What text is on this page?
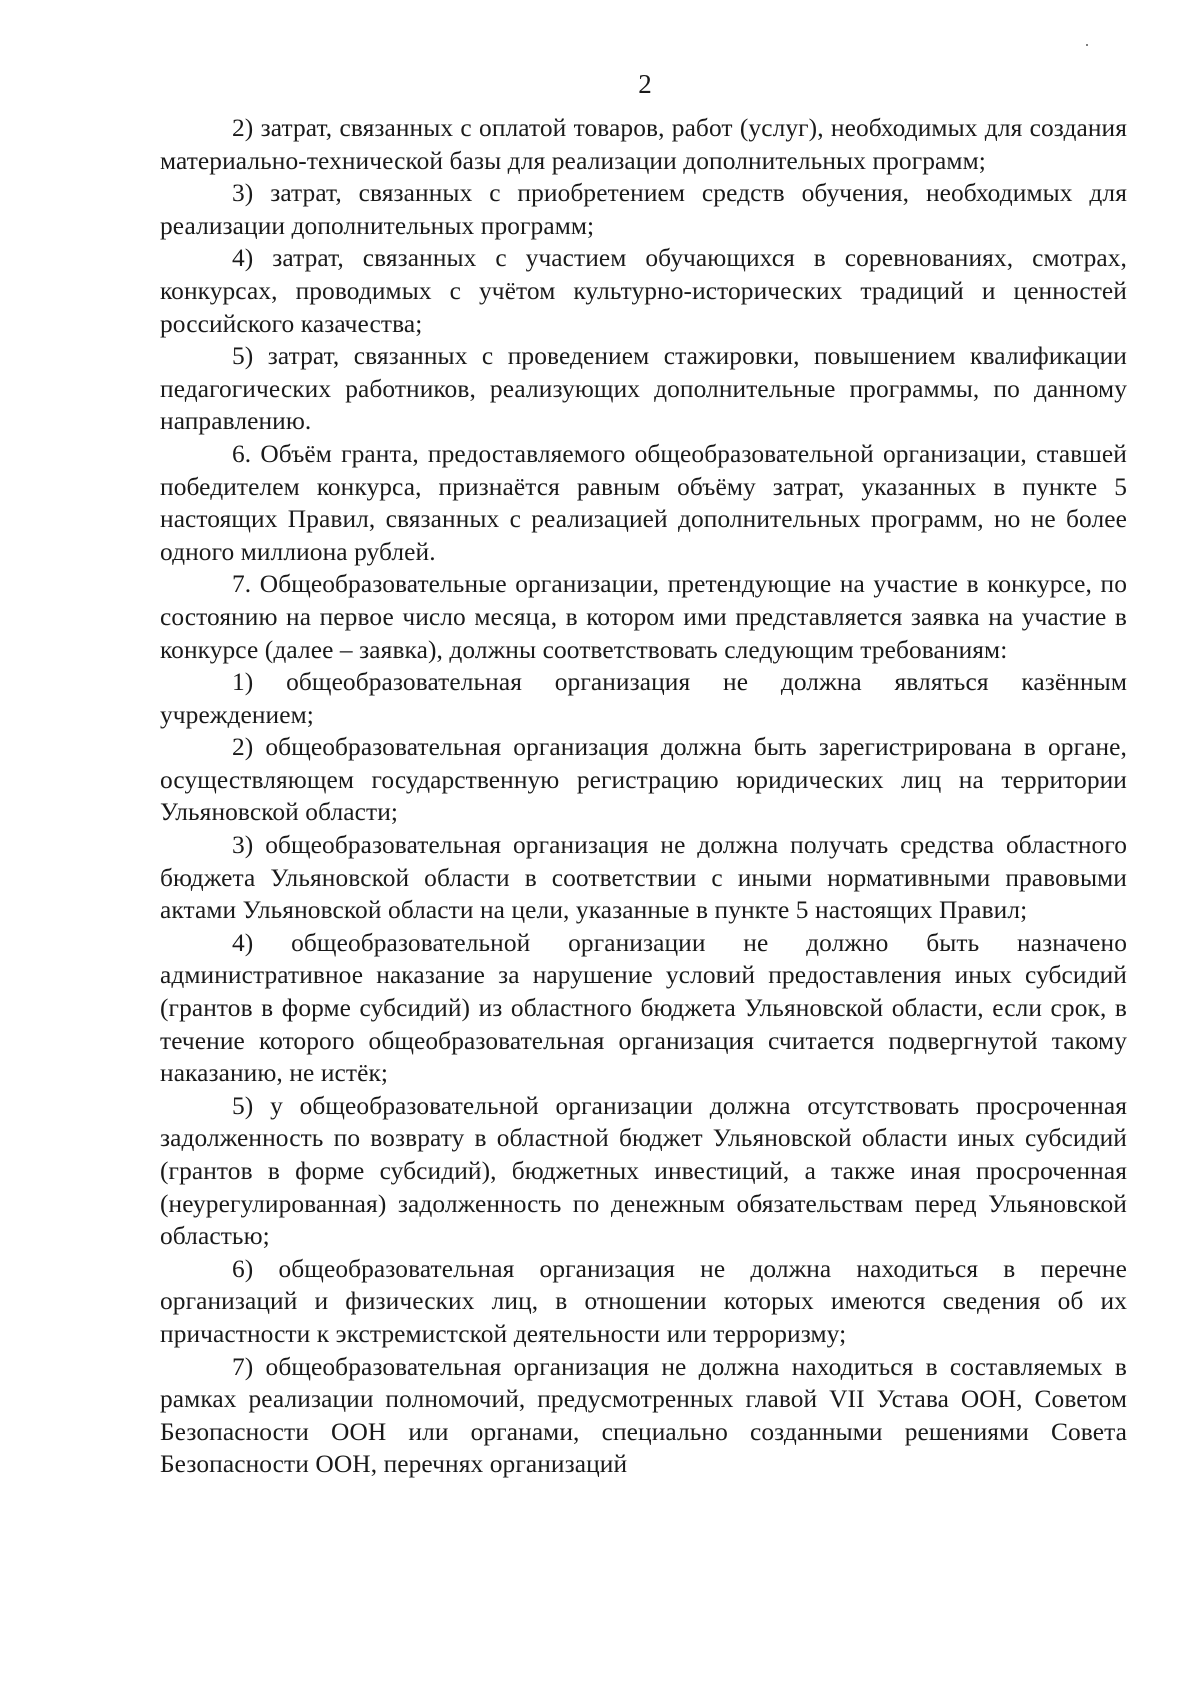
2

2) затрат, связанных с оплатой товаров, работ (услуг), необходимых для создания материально-технической базы для реализации дополнительных программ;

3) затрат, связанных с приобретением средств обучения, необходимых для реализации дополнительных программ;

4) затрат, связанных с участием обучающихся в соревнованиях, смотрах, конкурсах, проводимых с учётом культурно-исторических традиций и ценностей российского казачества;

5) затрат, связанных с проведением стажировки, повышением квалификации педагогических работников, реализующих дополнительные программы, по данному направлению.

6. Объём гранта, предоставляемого общеобразовательной организации, ставшей победителем конкурса, признаётся равным объёму затрат, указанных в пункте 5 настоящих Правил, связанных с реализацией дополнительных программ, но не более одного миллиона рублей.

7. Общеобразовательные организации, претендующие на участие в конкурсе, по состоянию на первое число месяца, в котором ими представляется заявка на участие в конкурсе (далее – заявка), должны соответствовать следующим требованиям:

1) общеобразовательная организация не должна являться казённым учреждением;

2) общеобразовательная организация должна быть зарегистрирована в органе, осуществляющем государственную регистрацию юридических лиц на территории Ульяновской области;

3) общеобразовательная организация не должна получать средства областного бюджета Ульяновской области в соответствии с иными нормативными правовыми актами Ульяновской области на цели, указанные в пункте 5 настоящих Правил;

4) общеобразовательной организации не должно быть назначено административное наказание за нарушение условий предоставления иных субсидий (грантов в форме субсидий) из областного бюджета Ульяновской области, если срок, в течение которого общеобразовательная организация считается подвергнутой такому наказанию, не истёк;

5) у общеобразовательной организации должна отсутствовать просроченная задолженность по возврату в областной бюджет Ульяновской области иных субсидий (грантов в форме субсидий), бюджетных инвестиций, а также иная просроченная (неурегулированная) задолженность по денежным обязательствам перед Ульяновской областью;

6) общеобразовательная организация не должна находиться в перечне организаций и физических лиц, в отношении которых имеются сведения об их причастности к экстремистской деятельности или терроризму;

7) общеобразовательная организация не должна находиться в составляемых в рамках реализации полномочий, предусмотренных главой VII Устава ООН, Советом Безопасности ООН или органами, специально созданными решениями Совета Безопасности ООН, перечнях организаций
